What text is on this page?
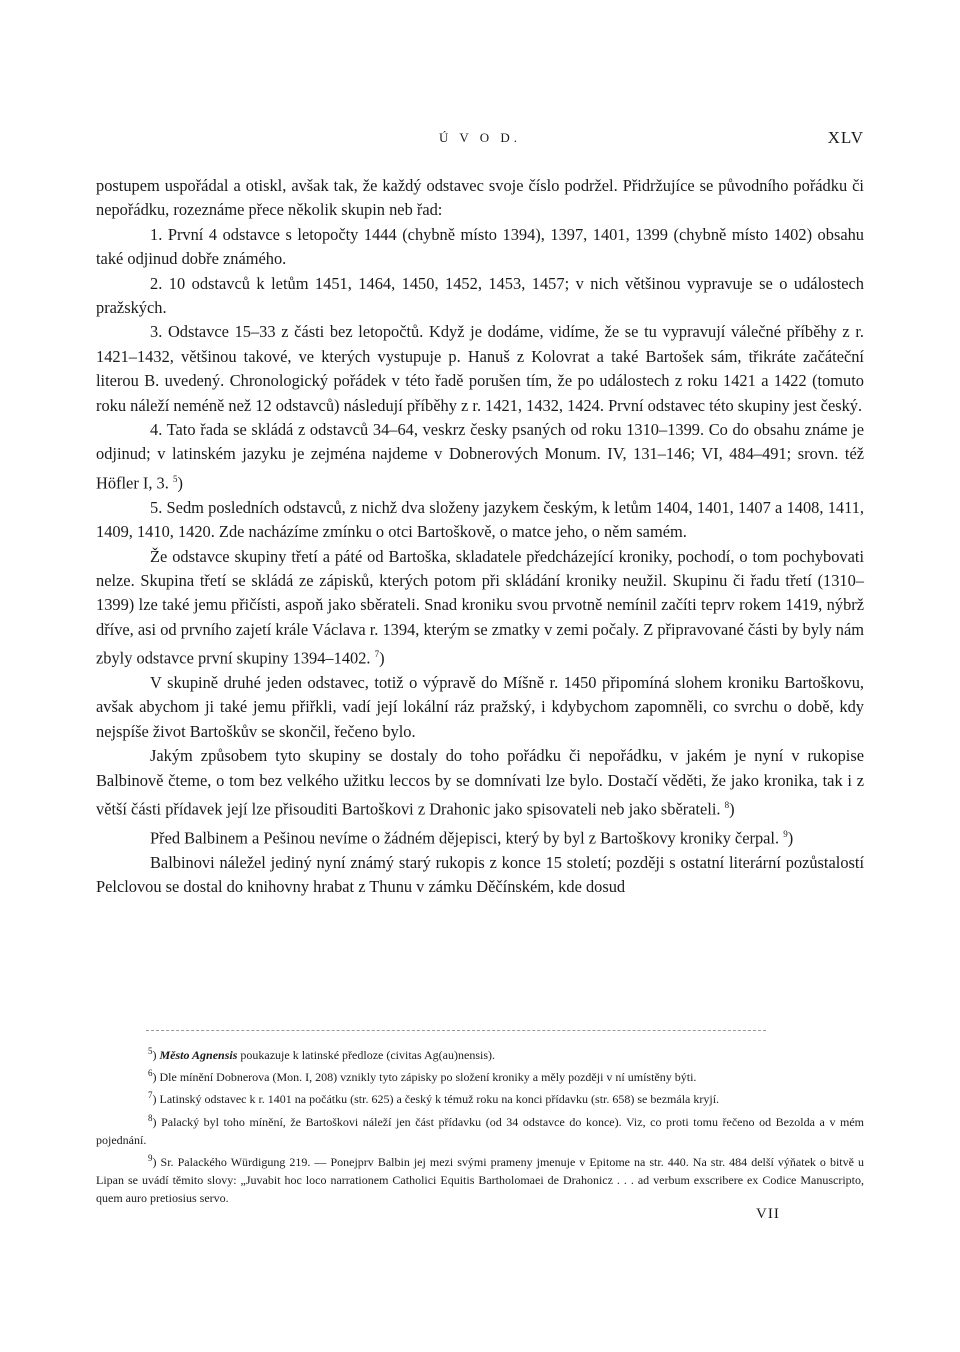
Ú V O D.	XLV

postupem uspořádal a otiskl, avšak tak, že každý odstavec svoje číslo podržel. Přidržujíce se původního pořádku či nepořádku, rozeznáme přece několik skupin neb řad:

1. První 4 odstavce s letopočty 1444 (chybně místo 1394), 1397, 1401, 1399 (chybně místo 1402) obsahu také odjinud dobře známého.

2. 10 odstavců k letům 1451, 1464, 1450, 1452, 1453, 1457; v nich většinou vypravuje se o událostech pražských.

3. Odstavce 15–33 z části bez letopočtů. Když je dodáme, vidíme, že se tu vypravují válečné příběhy z r. 1421–1432, většinou takové, ve kterých vystupuje p. Hanuš z Kolovrat a také Bartošek sám, třikráte začáteční literou B. uvedený. Chronologický pořádek v této řadě porušen tím, že po událostech z roku 1421 a 1422 (tomuto roku náleží neméně než 12 odstavců) následují příběhy z r. 1421, 1432, 1424. První odstavec této skupiny jest český.

4. Tato řada se skládá z odstavců 34–64, veskrz česky psaných od roku 1310–1399. Co do obsahu známe je odjinud; v latinském jazyku je zejména najdeme v Dobnerových Monum. IV, 131–146; VI, 484–491; srovn. též Höfler I, 3. $^5$)

5. Sedm posledních odstavců, z nichž dva složeny jazykem českým, k letům 1404, 1401, 1407 a 1408, 1411, 1409, 1410, 1420. Zde nacházíme zmínku o otci Bartoškově, o matce jeho, o něm samém.

Že odstavce skupiny třetí a páté od Bartoška, skladatele předcházející kroniky, pochodí, o tom pochybovati nelze. Skupina třetí se skládá ze zápisků, kterých potom při skládání kroniky neužil. Skupinu či řadu třetí (1310–1399) lze také jemu přičísti, aspoň jako sběrateli. Snad kroniku svou prvotně nemínil začíti teprv rokem 1419, nýbrž dříve, asi od prvního zajetí krále Václava r. 1394, kterým se zmatky v zemi počaly. Z připravované části by byly nám zbyly odstavce první skupiny 1394–1402. $^7$)

V skupině druhé jeden odstavec, totiž o výpravě do Míšně r. 1450 připomíná slohem kroniku Bartoškovu, avšak abychom ji také jemu přiřkli, vadí její lokální ráz pražský, i kdybychom zapomněli, co svrchu o době, kdy nejspíše život Bartoškův se skončil, řečeno bylo.

Jakým způsobem tyto skupiny se dostaly do toho pořádku či nepořádku, v jakém je nyní v rukopise Balbinově čteme, o tom bez velkého užitku leccos by se domnívati lze bylo. Dostačí věděti, že jako kronika, tak i z větší části přídavek její lze přisouditi Bartoškovi z Drahonic jako spisovateli neb jako sběrateli. $^8$)

Před Balbinem a Pešinou nevíme o žádném dějepisci, který by byl z Bartoškovy kroniky čerpal. $^9$)

Balbinovi náležel jediný nyní známý starý rukopis z konce 15 století; později s ostatní literární pozůstalostí Pelclovou se dostal do knihovny hrabat z Thunu v zámku Děčínském, kde dosud

$^5$) Město Agnensis poukazuje k latinské předloze (civitas Ag(au)nensis).

$^6$) Dle mínění Dobnerova (Mon. I, 208) vznikly tyto zápisky po složení kroniky a měly později v ní umístěny býti.

$^7$) Latinský odstavec k r. 1401 na počátku (str. 625) a český k témuž roku na konci přídavku (str. 658) se bezmála kryjí.

$^8$) Palacký byl toho mínění, že Bartoškovi náleží jen část přídavku (od 34 odstavce do konce). Viz, co proti tomu řečeno od Bezolda a v mém pojednání.

$^9$) Sr. Palackého Würdigung 219. — Ponejprv Balbin jej mezi svými prameny jmenuje v Epitome na str. 440. Na str. 484 delší výňatek o bitvě u Lipan se uvádí těmito slovy: „Juvabit hoc loco narrationem Catholici Equitis Bartholomaei de Drahonicz . . . ad verbum exscribere ex Codice Manuscripto, quem auro pretiosius servo.

VII
